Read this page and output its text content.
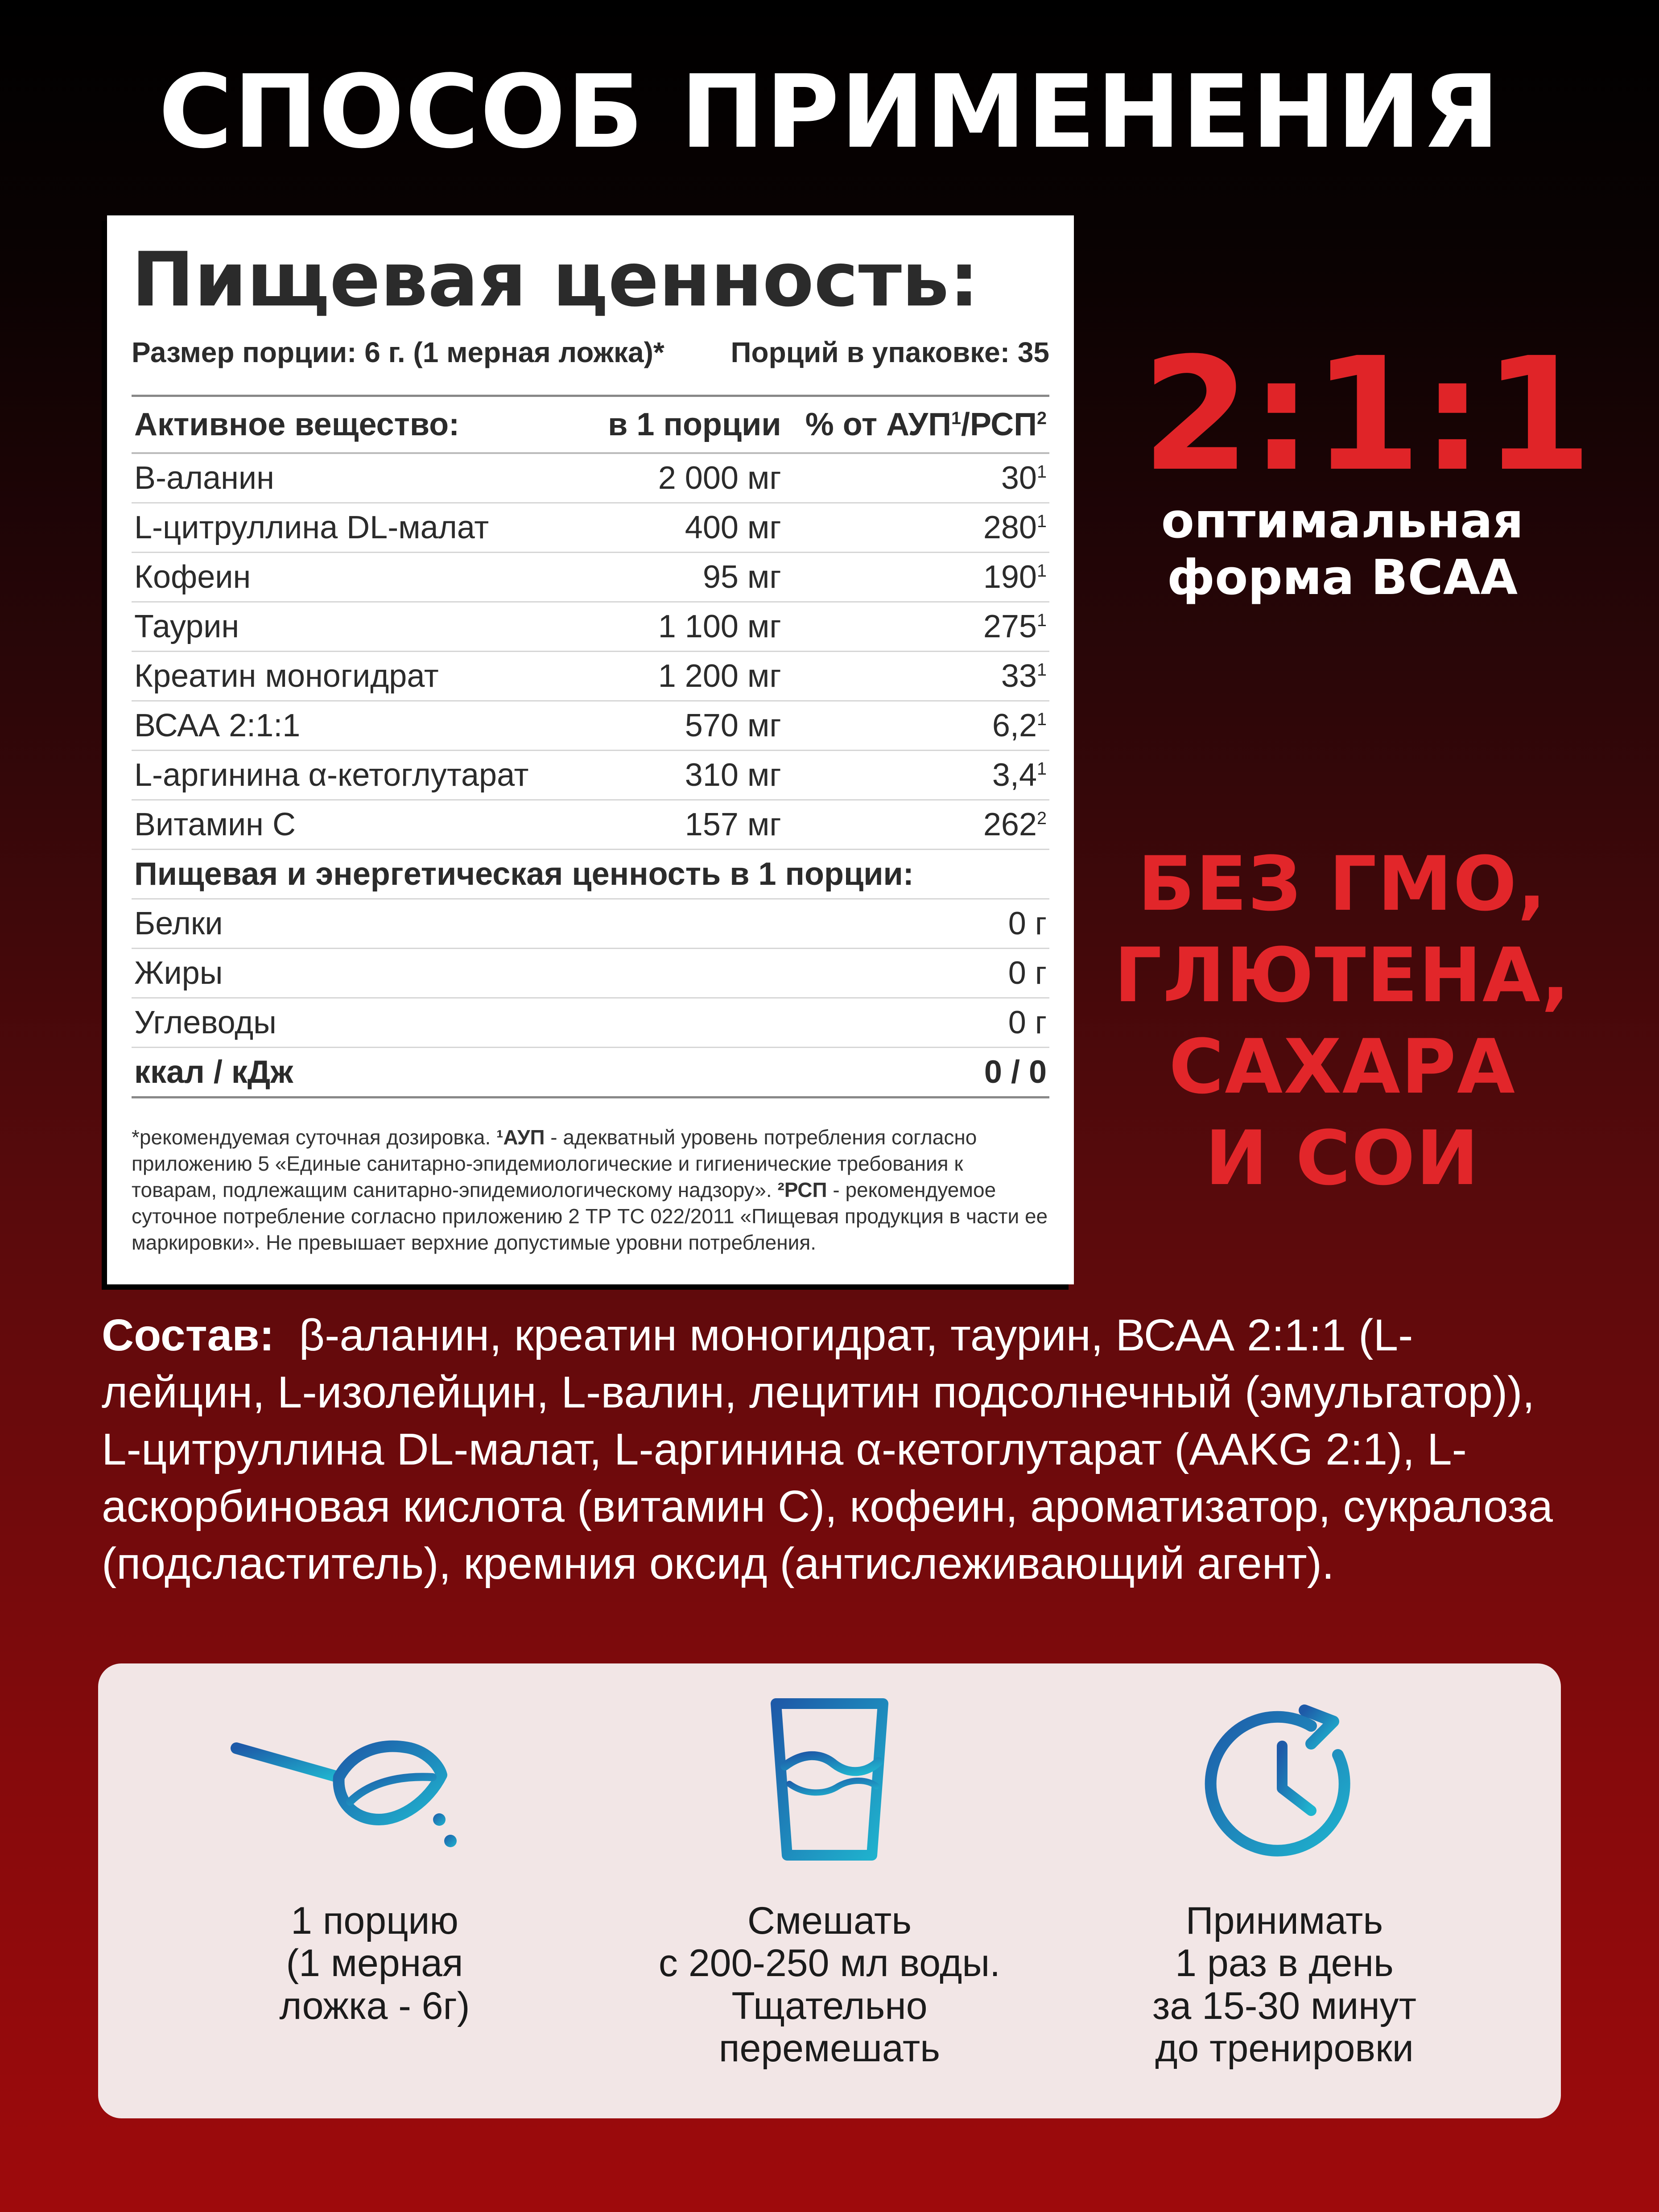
СПОСОБ ПРИМЕНЕНИЯ
Пищевая ценность:
Размер порции: 6 г. (1 мерная ложка)* Порций в упаковке: 35
Активное вещество:	в 1 порции	% от АУП$^1$/РСП$^2$
В-аланин	2 000 мг	$30^1$
L-цитруллина DL-малат	400 мг	$280^1$
Кофеин	95 мг	$190^1$
Таурин	1 100 мг	$275^1$
Креатин моногидрат	1 200 мг	$33^1$
ВСАА 2:1:1	570 мг	$6,2^1$
L-аргинина α-кетоглутарат	310 мг	$3,4^1$
Витамин С	157 мг	$262^2$
Пищевая и энергетическая ценность в 1 порции:		
Белки		0 г
Жиры		0 г
Углеводы		0 г
ккал / кДж		0 / 0
*рекомендуемая суточная дозировка. ¹АУП - адекватный уровень потребления согласно приложению 5 «Единые санитарно-эпидемиологические и гигиенические требования к товарам, подлежащим санитарно-эпидемиологическому надзору». ²РСП - рекомендуемое суточное потребление согласно приложению 2 ТР ТС 022/2011 «Пищевая продукция в части ее маркировки». Не превышает верхние допустимые уровни потребления.
2:1:1
оптимальная
форма ВСАА
БЕЗ ГМО,
ГЛЮТЕНА,
САХАРА
И СОИ
Состав: β-аланин, креатин моногидрат, таурин, ВСАА 2:1:1 (L-лейцин, L-изолейцин, L-валин, лецитин подсолнечный (эмульгатор)), L-цитруллина DL-малат, L-аргинина α-кетоглутарат (AAKG 2:1), L-аскорбиновая кислота (витамин С), кофеин, ароматизатор, сукралоза (подсластитель), кремния оксид (антислеживающий агент).
1 порцию
(1 мерная
ложка - 6г)
Смешать
с 200-250 мл воды.
Тщательно
перемешать
Принимать
1 раз в день
за 15-30 минут
до тренировки
